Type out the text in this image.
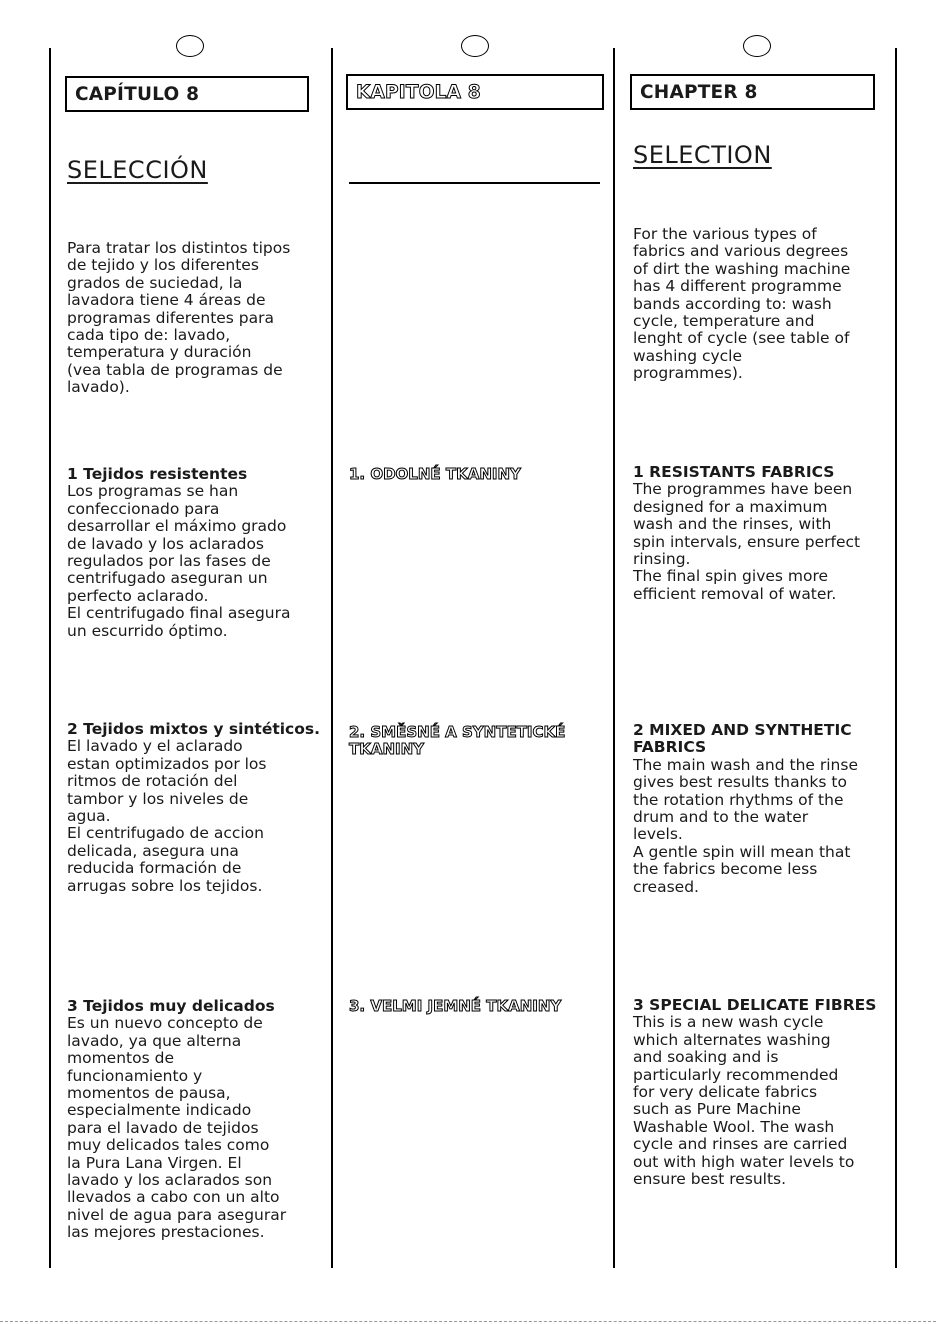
CAPÍTULO 8
SELECCIÓN
Para tratar los distintos tipos
de tejido y los diferentes
grados de suciedad, la
lavadora tiene 4 áreas de
programas diferentes para
cada tipo de: lavado,
temperatura y duración
(vea tabla de programas de
lavado).
1 Tejidos resistentes
Los programas se han
confeccionado para
desarrollar el máximo grado
de lavado y los aclarados
regulados por las fases de
centrifugado aseguran un
perfecto aclarado.
El centrifugado final asegura
un escurrido óptimo.
2 Tejidos mixtos y sintéticos.
El lavado y el aclarado
estan optimizados por los
ritmos de rotación del
tambor y los niveles de
agua.
El centrifugado de accion
delicada, asegura una
reducida formación de
arrugas sobre los tejidos.
3 Tejidos muy delicados
Es un nuevo concepto de
lavado, ya que alterna
momentos de
funcionamiento y
momentos de pausa,
especialmente indicado
para el lavado de tejidos
muy delicados tales como
la Pura Lana Virgen. El
lavado y los aclarados son
llevados a cabo con un alto
nivel de agua para asegurar
las mejores prestaciones.
KAPITOLA 8
1. ODOLNÉ TKANINY
2. SMĚSNÉ A SYNTETICKÉ
TKANINY
3. VELMI JEMNÉ TKANINY
CHAPTER 8
SELECTION
For the various types of
fabrics and various degrees
of dirt the washing machine
has 4 different programme
bands according to: wash
cycle, temperature and
lenght of cycle (see table of
washing cycle
programmes).
1 RESISTANTS FABRICS
The programmes have been
designed for a maximum
wash and the rinses, with
spin intervals, ensure perfect
rinsing.
The final spin gives more
efficient removal of water.
2 MIXED AND SYNTHETIC
FABRICS
The main wash and the rinse
gives best results thanks to
the rotation rhythms of the
drum and to the water
levels.
A gentle spin will mean that
the fabrics become less
creased.
3 SPECIAL DELICATE FIBRES
This is a new wash cycle
which alternates washing
and soaking and is
particularly recommended
for very delicate fabrics
such as Pure Machine
Washable Wool. The wash
cycle and rinses are carried
out with high water levels to
ensure best results.
